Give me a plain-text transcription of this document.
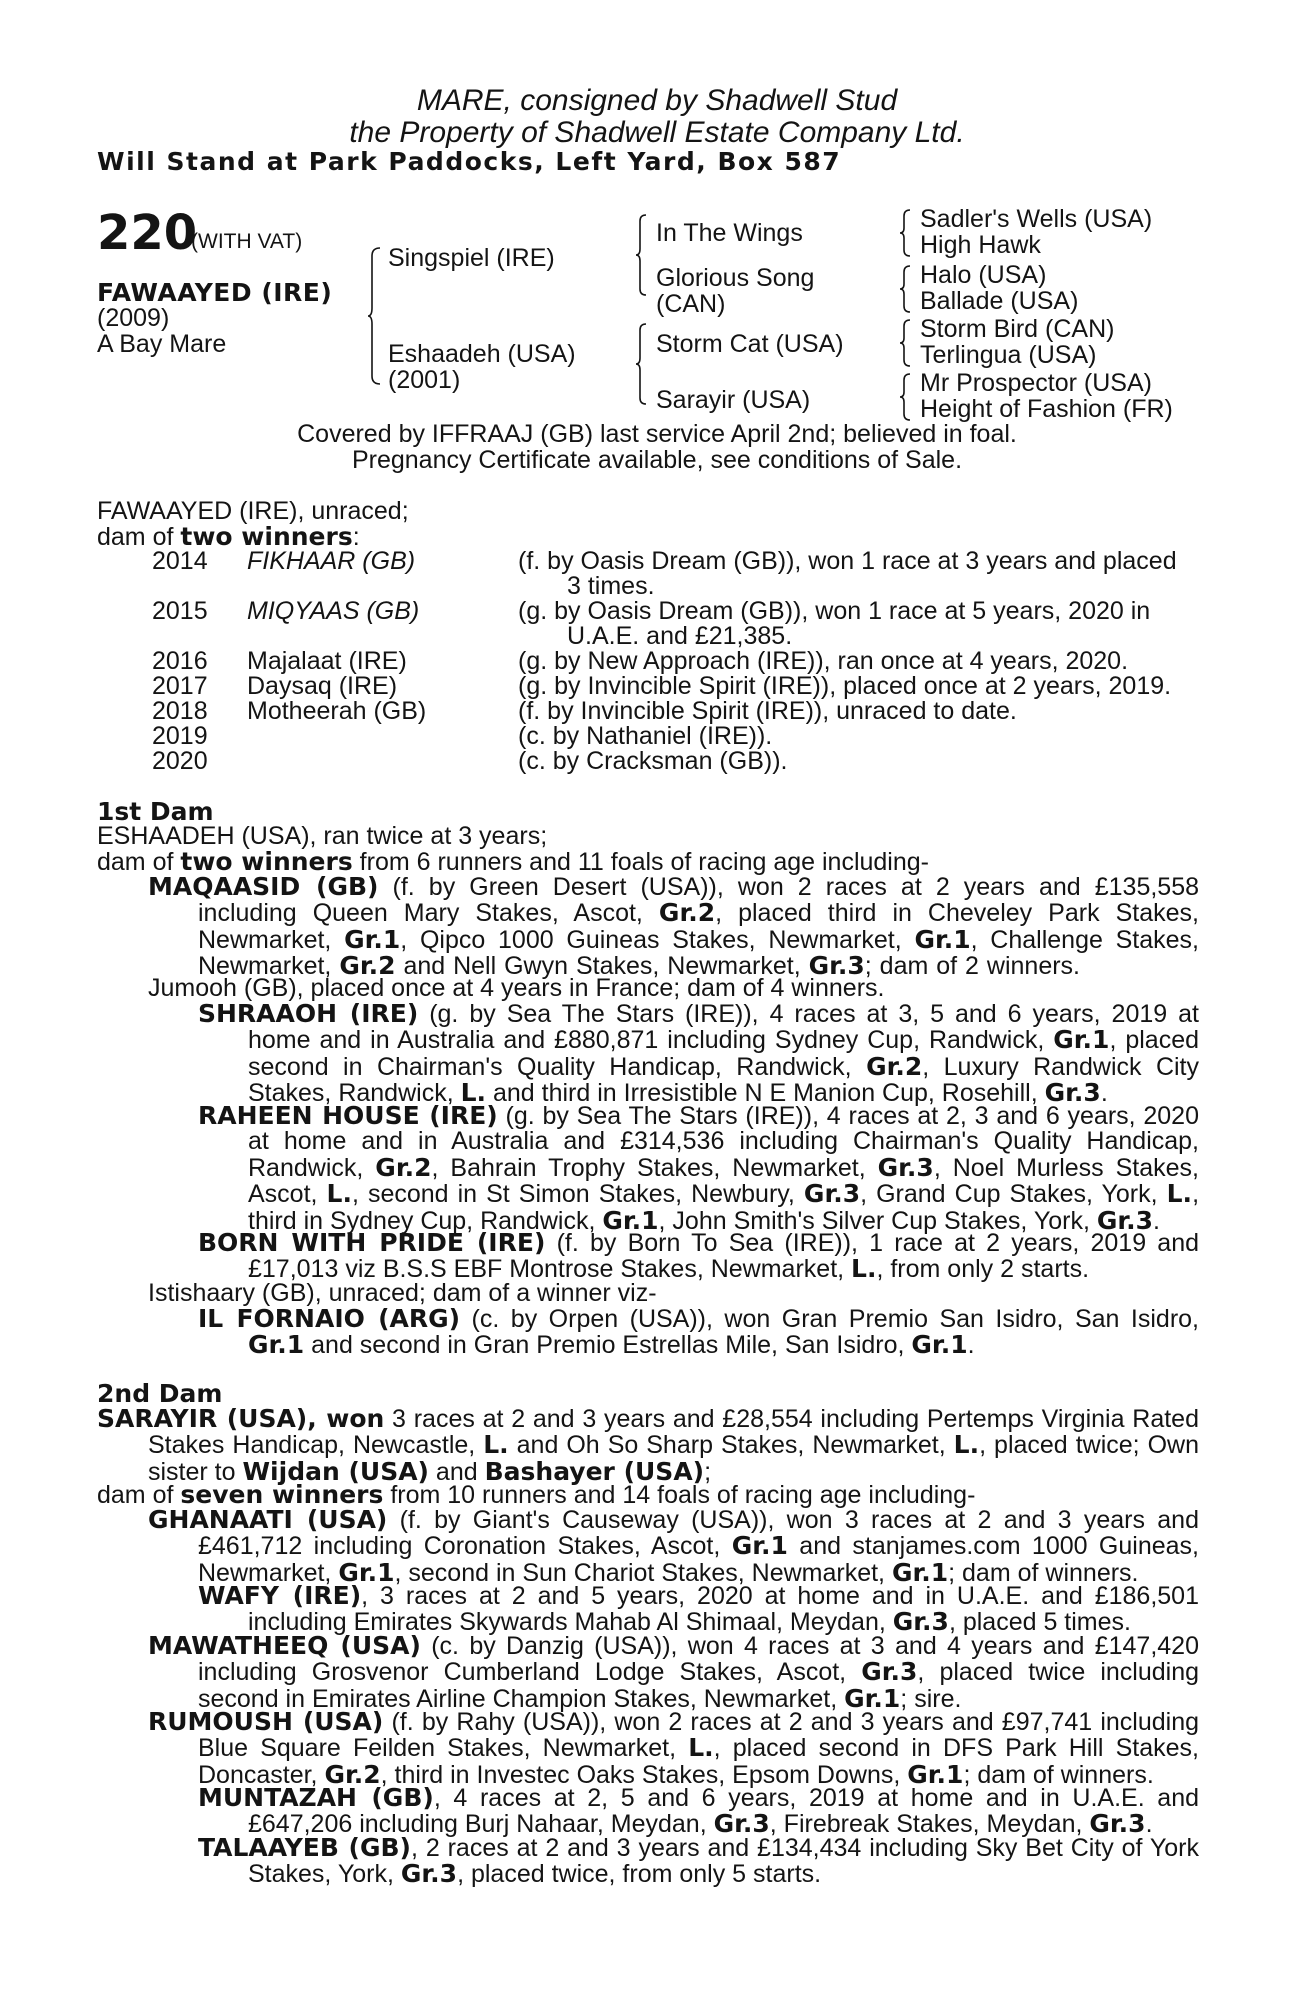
MARE, consigned by Shadwell Stud
the Property of Shadwell Estate Company Ltd.
Will Stand at Park Paddocks, Left Yard, Box 587
220
(WITH VAT)
FAWAAYED (IRE)
(2009)
A Bay Mare
Singspiel (IRE)
Eshaadeh (USA)
(2001)
In The Wings
Glorious Song
(CAN)
Storm Cat (USA)
Sarayir (USA)
Sadler's Wells (USA)
High Hawk
Halo (USA)
Ballade (USA)
Storm Bird (CAN)
Terlingua (USA)
Mr Prospector (USA)
Height of Fashion (FR)
Covered by IFFRAAJ (GB) last service April 2nd; believed in foal.
Pregnancy Certificate available, see conditions of Sale.
FAWAAYED (IRE), unraced;
dam of two winners:
2014 FIKHAAR (GB)	(f. by Oasis Dream (GB)), won 1 race at 3 years and placed
3 times.
2015 MIQYAAS (GB)	(g. by Oasis Dream (GB)), won 1 race at 5 years, 2020 in
U.A.E. and £21,385.
2016 Majalaat (IRE)	(g. by New Approach (IRE)), ran once at 4 years, 2020.
2017 Daysaq (IRE)	(g. by Invincible Spirit (IRE)), placed once at 2 years, 2019.
2018 Motheerah (GB)	(f. by Invincible Spirit (IRE)), unraced to date.
2019	(c. by Nathaniel (IRE)).
2020	(c. by Cracksman (GB)).
1st Dam
ESHAADEH (USA), ran twice at 3 years;
dam of two winners from 6 runners and 11 foals of racing age including-
MAQAASID (GB) (f. by Green Desert (USA)), won 2 races at 2 years and £135,558 including Queen Mary Stakes, Ascot, Gr.2, placed third in Cheveley Park Stakes, Newmarket, Gr.1, Qipco 1000 Guineas Stakes, Newmarket, Gr.1, Challenge Stakes, Newmarket, Gr.2 and Nell Gwyn Stakes, Newmarket, Gr.3; dam of 2 winners.
Jumooh (GB), placed once at 4 years in France; dam of 4 winners.
SHRAAOH (IRE) (g. by Sea The Stars (IRE)), 4 races at 3, 5 and 6 years, 2019 at home and in Australia and £880,871 including Sydney Cup, Randwick, Gr.1, placed second in Chairman's Quality Handicap, Randwick, Gr.2, Luxury Randwick City Stakes, Randwick, L. and third in Irresistible N E Manion Cup, Rosehill, Gr.3.
RAHEEN HOUSE (IRE) (g. by Sea The Stars (IRE)), 4 races at 2, 3 and 6 years, 2020 at home and in Australia and £314,536 including Chairman's Quality Handicap, Randwick, Gr.2, Bahrain Trophy Stakes, Newmarket, Gr.3, Noel Murless Stakes, Ascot, L., second in St Simon Stakes, Newbury, Gr.3, Grand Cup Stakes, York, L., third in Sydney Cup, Randwick, Gr.1, John Smith's Silver Cup Stakes, York, Gr.3.
BORN WITH PRIDE (IRE) (f. by Born To Sea (IRE)), 1 race at 2 years, 2019 and £17,013 viz B.S.S EBF Montrose Stakes, Newmarket, L., from only 2 starts.
Istishaary (GB), unraced; dam of a winner viz-
IL FORNAIO (ARG) (c. by Orpen (USA)), won Gran Premio San Isidro, San Isidro, Gr.1 and second in Gran Premio Estrellas Mile, San Isidro, Gr.1.
2nd Dam
SARAYIR (USA), won 3 races at 2 and 3 years and £28,554 including Pertemps Virginia Rated Stakes Handicap, Newcastle, L. and Oh So Sharp Stakes, Newmarket, L., placed twice; Own sister to Wijdan (USA) and Bashayer (USA);
dam of seven winners from 10 runners and 14 foals of racing age including-
GHANAATI (USA) (f. by Giant's Causeway (USA)), won 3 races at 2 and 3 years and £461,712 including Coronation Stakes, Ascot, Gr.1 and stanjames.com 1000 Guineas, Newmarket, Gr.1, second in Sun Chariot Stakes, Newmarket, Gr.1; dam of winners.
WAFY (IRE), 3 races at 2 and 5 years, 2020 at home and in U.A.E. and £186,501 including Emirates Skywards Mahab Al Shimaal, Meydan, Gr.3, placed 5 times.
MAWATHEEQ (USA) (c. by Danzig (USA)), won 4 races at 3 and 4 years and £147,420 including Grosvenor Cumberland Lodge Stakes, Ascot, Gr.3, placed twice including second in Emirates Airline Champion Stakes, Newmarket, Gr.1; sire.
RUMOUSH (USA) (f. by Rahy (USA)), won 2 races at 2 and 3 years and £97,741 including Blue Square Feilden Stakes, Newmarket, L., placed second in DFS Park Hill Stakes, Doncaster, Gr.2, third in Investec Oaks Stakes, Epsom Downs, Gr.1; dam of winners.
MUNTAZAH (GB), 4 races at 2, 5 and 6 years, 2019 at home and in U.A.E. and £647,206 including Burj Nahaar, Meydan, Gr.3, Firebreak Stakes, Meydan, Gr.3.
TALAAYEB (GB), 2 races at 2 and 3 years and £134,434 including Sky Bet City of York Stakes, York, Gr.3, placed twice, from only 5 starts.
